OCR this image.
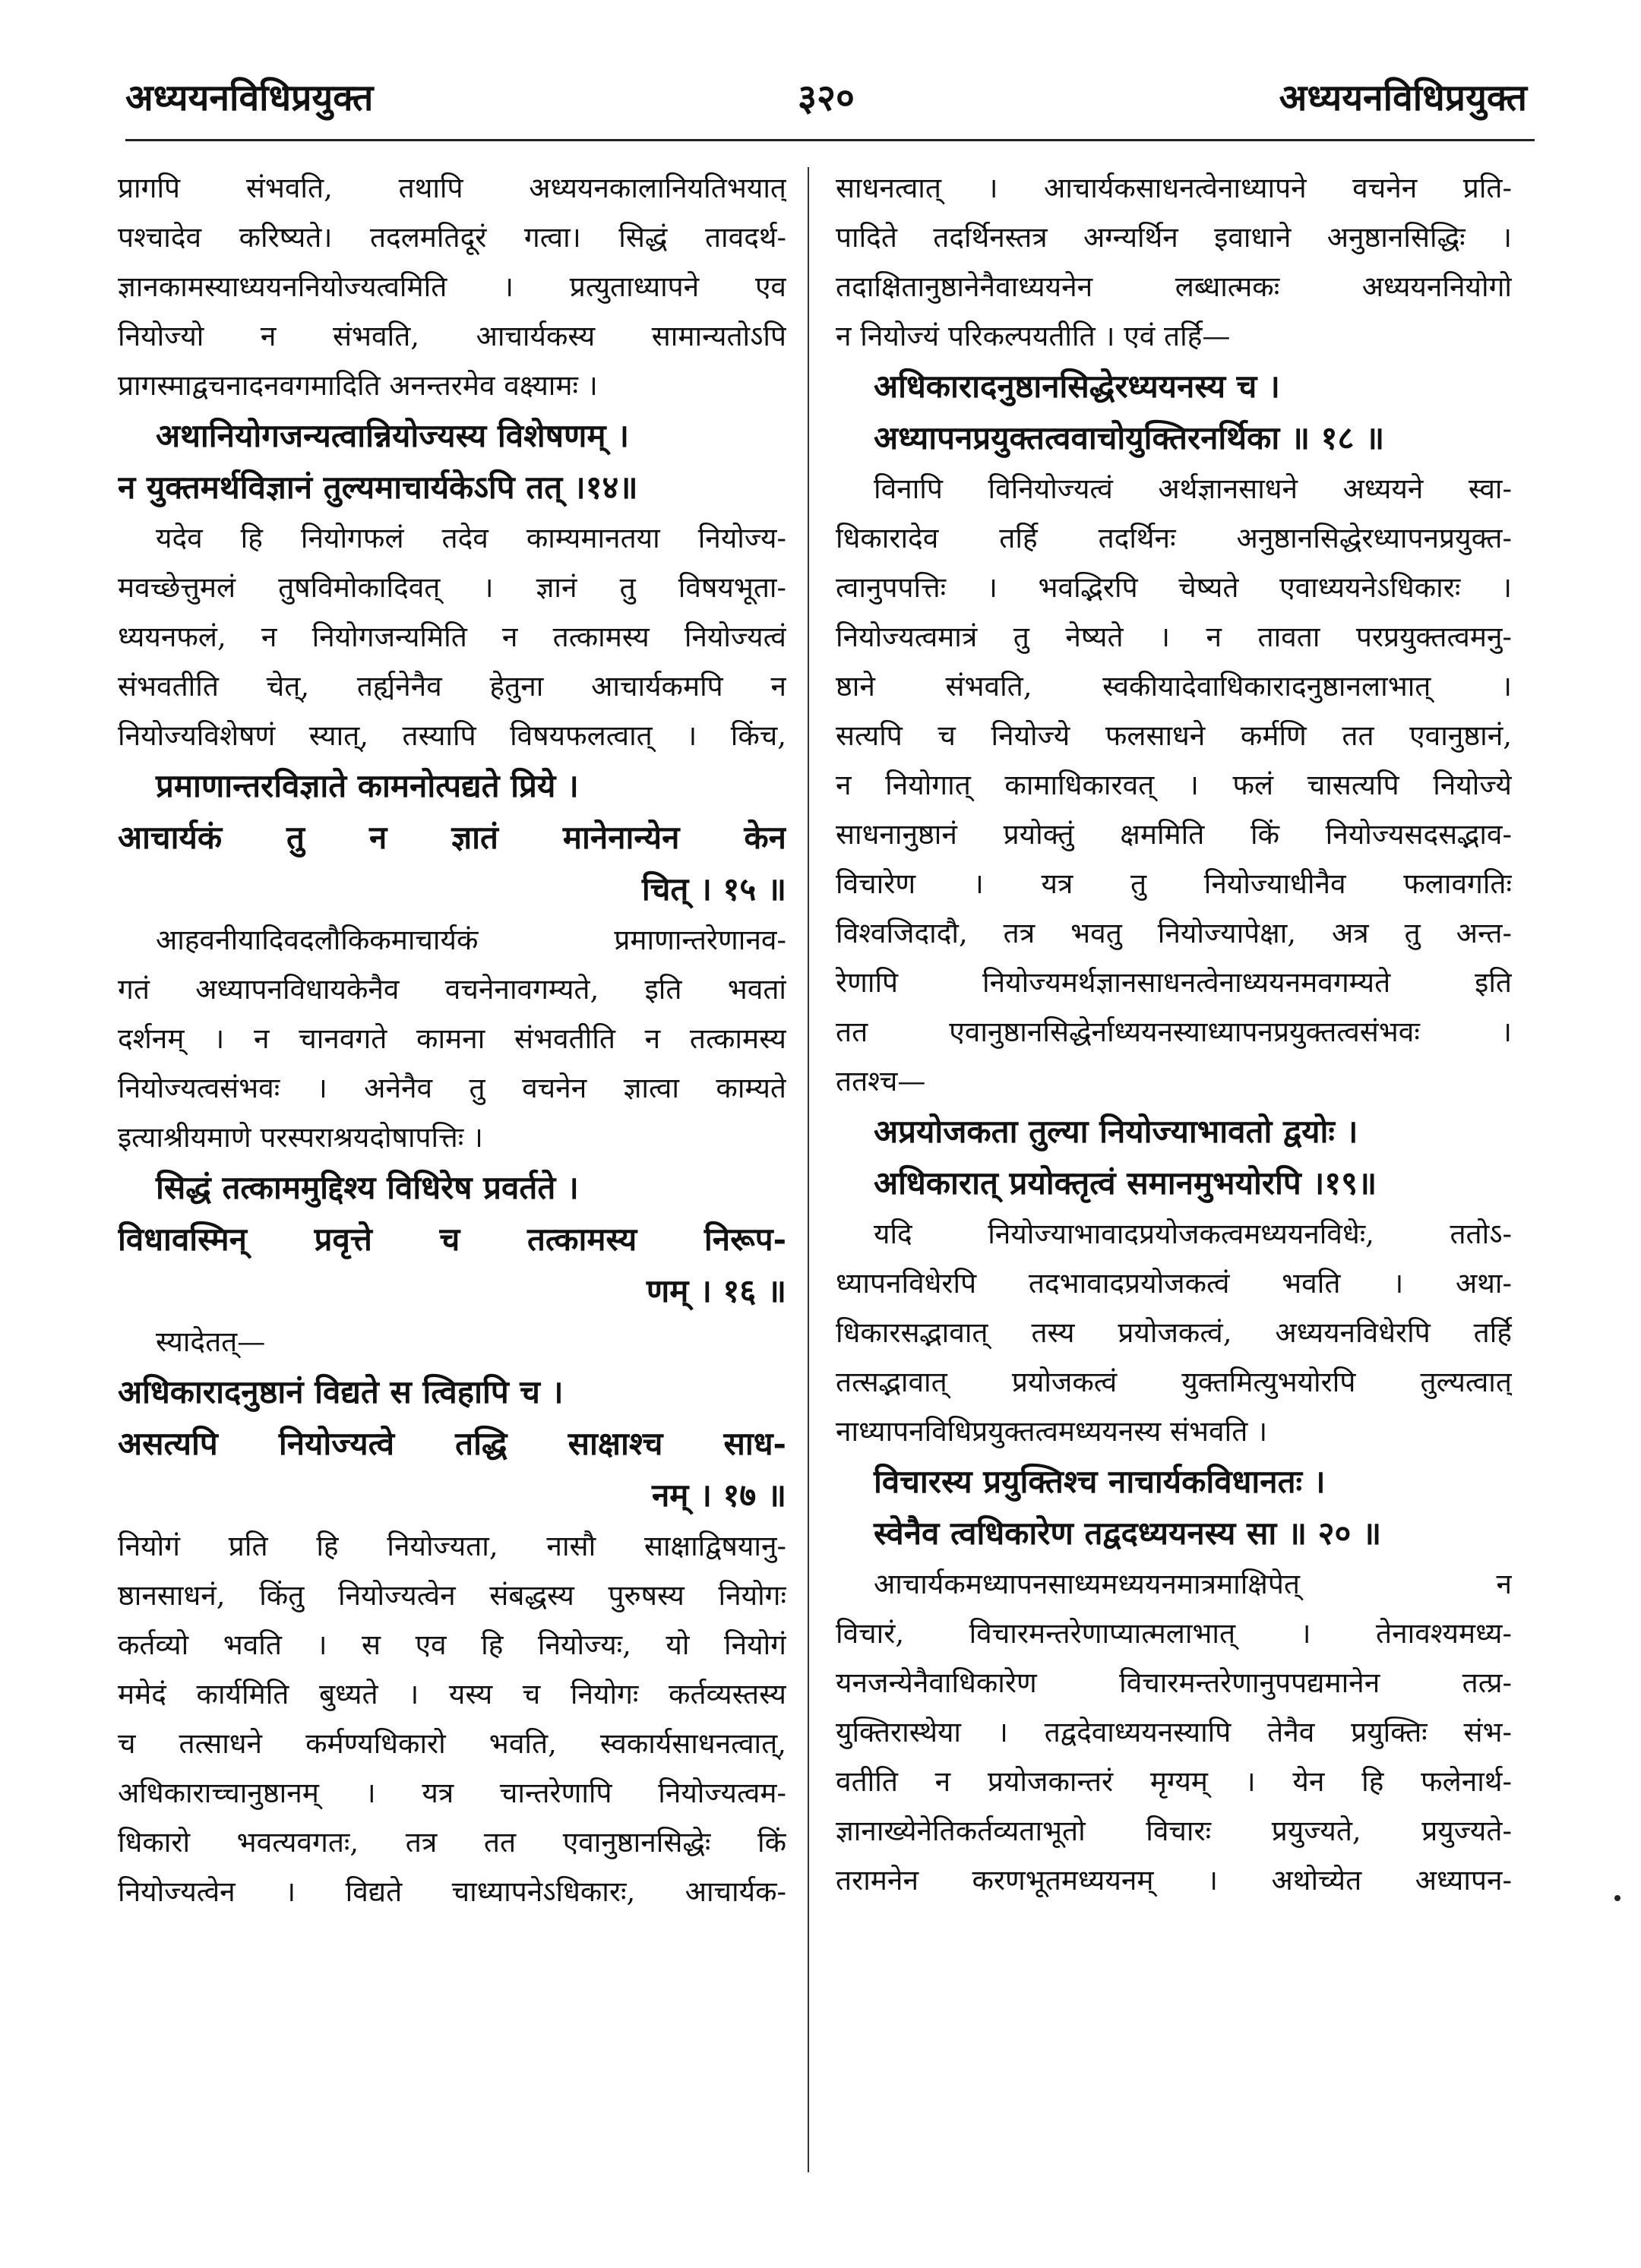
अध्ययनविधिप्रयुक्त	३२०	अध्ययनविधिप्रयुक्त
प्रागपि संभवति, तथापि अध्ययनकालानियतिभयात्
पश्चादेव करिष्यते। तदलमतिदूरं गत्वा। सिद्धं तावदर्थ-
ज्ञानकामस्याध्ययननियोज्यत्वमिति । प्रत्युताध्यापने एव
नियोज्यो न संभवति, आचार्यकस्य सामान्यतोऽपि
प्रागस्माद्वचनादनवगमादिति अनन्तरमेव वक्ष्यामः ।
अथानियोगजन्यत्वान्नियोज्यस्य विशेषणम् ।
न युक्तमर्थविज्ञानं तुल्यमाचार्यकेऽपि तत् ।१४॥
यदेव हि नियोगफलं तदेव काम्यमानतया नियोज्य-
मवच्छेत्तुमलं तुषविमोकादिवत् । ज्ञानं तु विषयभूता-
ध्ययनफलं, न नियोगजन्यमिति न तत्कामस्य नियोज्यत्वं
संभवतीति चेत्, तर्ह्यनेनैव हेतुना आचार्यकमपि न
नियोज्यविशेषणं स्यात्, तस्यापि विषयफलत्वात् । किंच,
प्रमाणान्तरविज्ञाते कामनोत्पद्यते प्रिये ।
आचार्यकं तु न ज्ञातं मानेनान्येन केन
चित् । १५ ॥
आहवनीयादिवदलौकिकमाचार्यकं प्रमाणान्तरेणानव-
गतं अध्यापनविधायकेनैव वचनेनावगम्यते, इति भवतां
दर्शनम् । न चानवगते कामना संभवतीति न तत्कामस्य
नियोज्यत्वसंभवः । अनेनैव तु वचनेन ज्ञात्वा काम्यते
इत्याश्रीयमाणे परस्पराश्रयदोषापत्तिः ।
सिद्धं तत्काममुद्दिश्य विधिरेष प्रवर्तते ।
विधावस्मिन् प्रवृत्ते च तत्कामस्य निरूप-
णम् । १६ ॥
स्यादेतत्—
अधिकारादनुष्ठानं विद्यते स त्विहापि च ।
असत्यपि नियोज्यत्वे तद्धि साक्षाश्च साध-
नम् । १७ ॥
नियोगं प्रति हि नियोज्यता, नासौ साक्षाद्विषयानु-
ष्ठानसाधनं, किंतु नियोज्यत्वेन संबद्धस्य पुरुषस्य नियोगः
कर्तव्यो भवति । स एव हि नियोज्यः, यो नियोगं
ममेदं कार्यमिति बुध्यते । यस्य च नियोगः कर्तव्यस्तस्य
च तत्साधने कर्मण्यधिकारो भवति, स्वकार्यसाधनत्वात्,
अधिकाराच्चानुष्ठानम् । यत्र चान्तरेणापि नियोज्यत्वम-
धिकारो भवत्यवगतः, तत्र तत एवानुष्ठानसिद्धेः किं
नियोज्यत्वेन । विद्यते चाध्यापनेऽधिकारः, आचार्यक-
साधनत्वात् । आचार्यकसाधनत्वेनाध्यापने वचनेन प्रति-
पादिते तदर्थिनस्तत्र अग्न्यर्थिन इवाधाने अनुष्ठानसिद्धिः ।
तदाक्षितानुष्ठानेनैवाध्ययनेन लब्धात्मकः अध्ययननियोगो
न नियोज्यं परिकल्पयतीति । एवं तर्हि—
अधिकारादनुष्ठानसिद्धेरध्ययनस्य च ।
अध्यापनप्रयुक्तत्ववाचोयुक्तिरनर्थिका ॥ १८ ॥
विनापि विनियोज्यत्वं अर्थज्ञानसाधने अध्ययने स्वा-
धिकारादेव तर्हि तदर्थिनः अनुष्ठानसिद्धेरध्यापनप्रयुक्त-
त्वानुपपत्तिः । भवद्भिरपि चेष्यते एवाध्ययनेऽधिकारः ।
नियोज्यत्वमात्रं तु नेष्यते । न तावता परप्रयुक्तत्वमनु-
ष्ठाने संभवति, स्वकीयादेवाधिकारादनुष्ठानलाभात् ।
सत्यपि च नियोज्ये फलसाधने कर्मणि तत एवानुष्ठानं,
न नियोगात् कामाधिकारवत् । फलं चासत्यपि नियोज्ये
साधनानुष्ठानं प्रयोक्तुं क्षममिति किं नियोज्यसदसद्भाव-
विचारेण । यत्र तु नियोज्याधीनैव फलावगतिः
विश्वजिदादौ, तत्र भवतु नियोज्यापेक्षा, अत्र तु अन्त-
रेणापि नियोज्यमर्थज्ञानसाधनत्वेनाध्ययनमवगम्यते इति
तत एवानुष्ठानसिद्धेर्नाध्ययनस्याध्यापनप्रयुक्तत्वसंभवः ।
ततश्च—
अप्रयोजकता तुल्या नियोज्याभावतो द्वयोः ।
अधिकारात् प्रयोक्तृत्वं समानमुभयोरपि ।१९॥
यदि नियोज्याभावादप्रयोजकत्वमध्ययनविधेः, ततोऽ-
ध्यापनविधेरपि तदभावादप्रयोजकत्वं भवति । अथा-
धिकारसद्भावात् तस्य प्रयोजकत्वं, अध्ययनविधेरपि तर्हि
तत्सद्भावात् प्रयोजकत्वं युक्तमित्युभयोरपि तुल्यत्वात्
नाध्यापनविधिप्रयुक्तत्वमध्ययनस्य संभवति ।
विचारस्य प्रयुक्तिश्च नाचार्यकविधानतः ।
स्वेनैव त्वधिकारेण तद्वदध्ययनस्य सा ॥ २० ॥
आचार्यकमध्यापनसाध्यमध्ययनमात्रमाक्षिपेत् न
विचारं, विचारमन्तरेणाप्यात्मलाभात् । तेनावश्यमध्य-
यनजन्येनैवाधिकारेण विचारमन्तरेणानुपपद्यमानेन तत्प्र-
युक्तिरास्थेया । तद्वदेवाध्ययनस्यापि तेनैव प्रयुक्तिः संभ-
वतीति न प्रयोजकान्तरं मृग्यम् । येन हि फलेनार्थ-
ज्ञानाख्येनेतिकर्तव्यताभूतो विचारः प्रयुज्यते, प्रयुज्यते-
तरामनेन करणभूतमध्ययनम् । अथोच्येत अध्यापन-
